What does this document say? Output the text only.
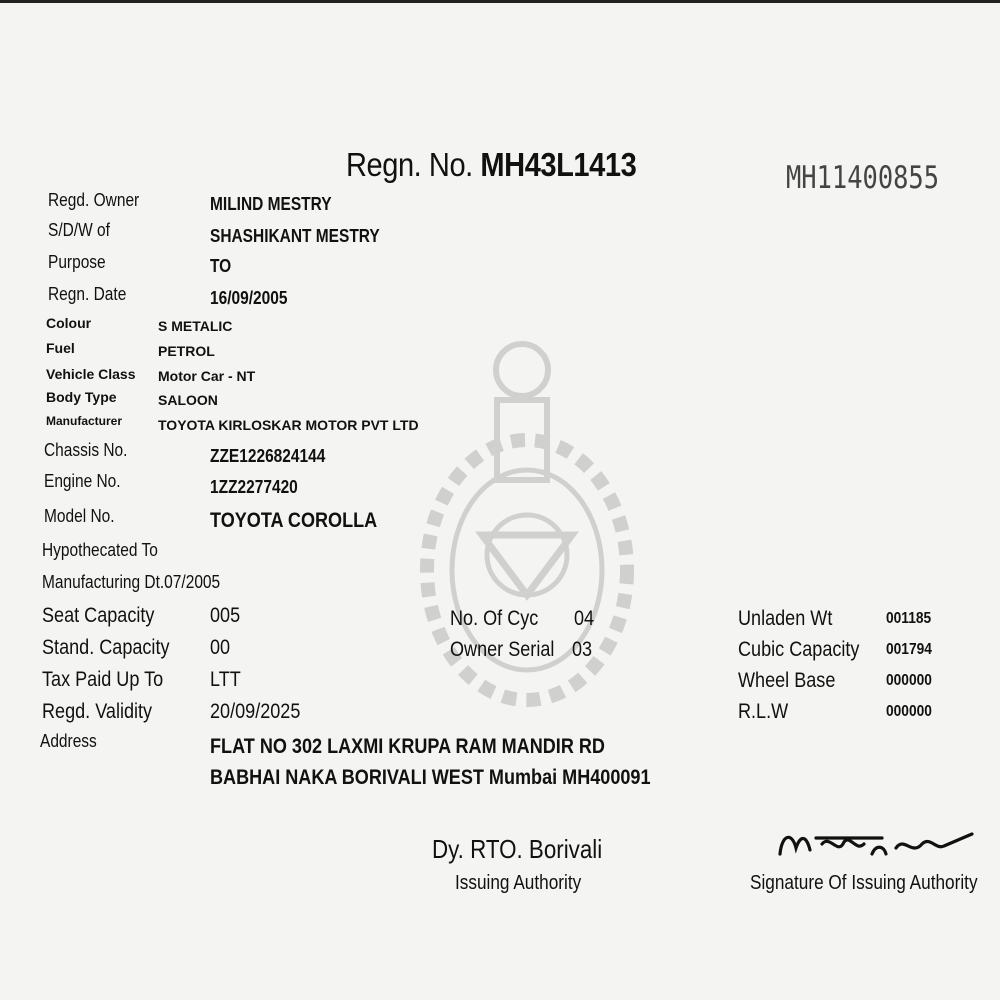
Regn. No. MH43L1413	MH11400855
Regd. Owner	MILIND MESTRY
S/D/W of	SHASHIKANT MESTRY
Purpose	TO
Regn. Date	16/09/2005
Colour	S METALIC
Fuel	PETROL
Vehicle Class Motor Car - NT
Body Type	SALOON
Manufacturer	TOYOTA KIRLOSKAR MOTOR PVT LTD
Chassis No.	ZZE1226824144
Engine No.	1ZZ2277420
Model No.	TOYOTA COROLLA
Hypothecated To
Manufacturing Dt.07/2005
Seat Capacity	005
Stand. Capacity 00
Tax Paid Up To LTT
Regd. Validity	20/09/2025
Address	FLAT NO 302 LAXMI KRUPA RAM MANDIR RD
BABHAI NAKA BORIVALI WEST Mumbai MH400091
No. Of Cyc 04
Owner Serial 03
Unladen Wt	001185
Cubic Capacity 001794
Wheel Base	000000
R.L.W	000000
Dy. RTO. Borivali
Issuing Authority	Signature Of Issuing Authority
